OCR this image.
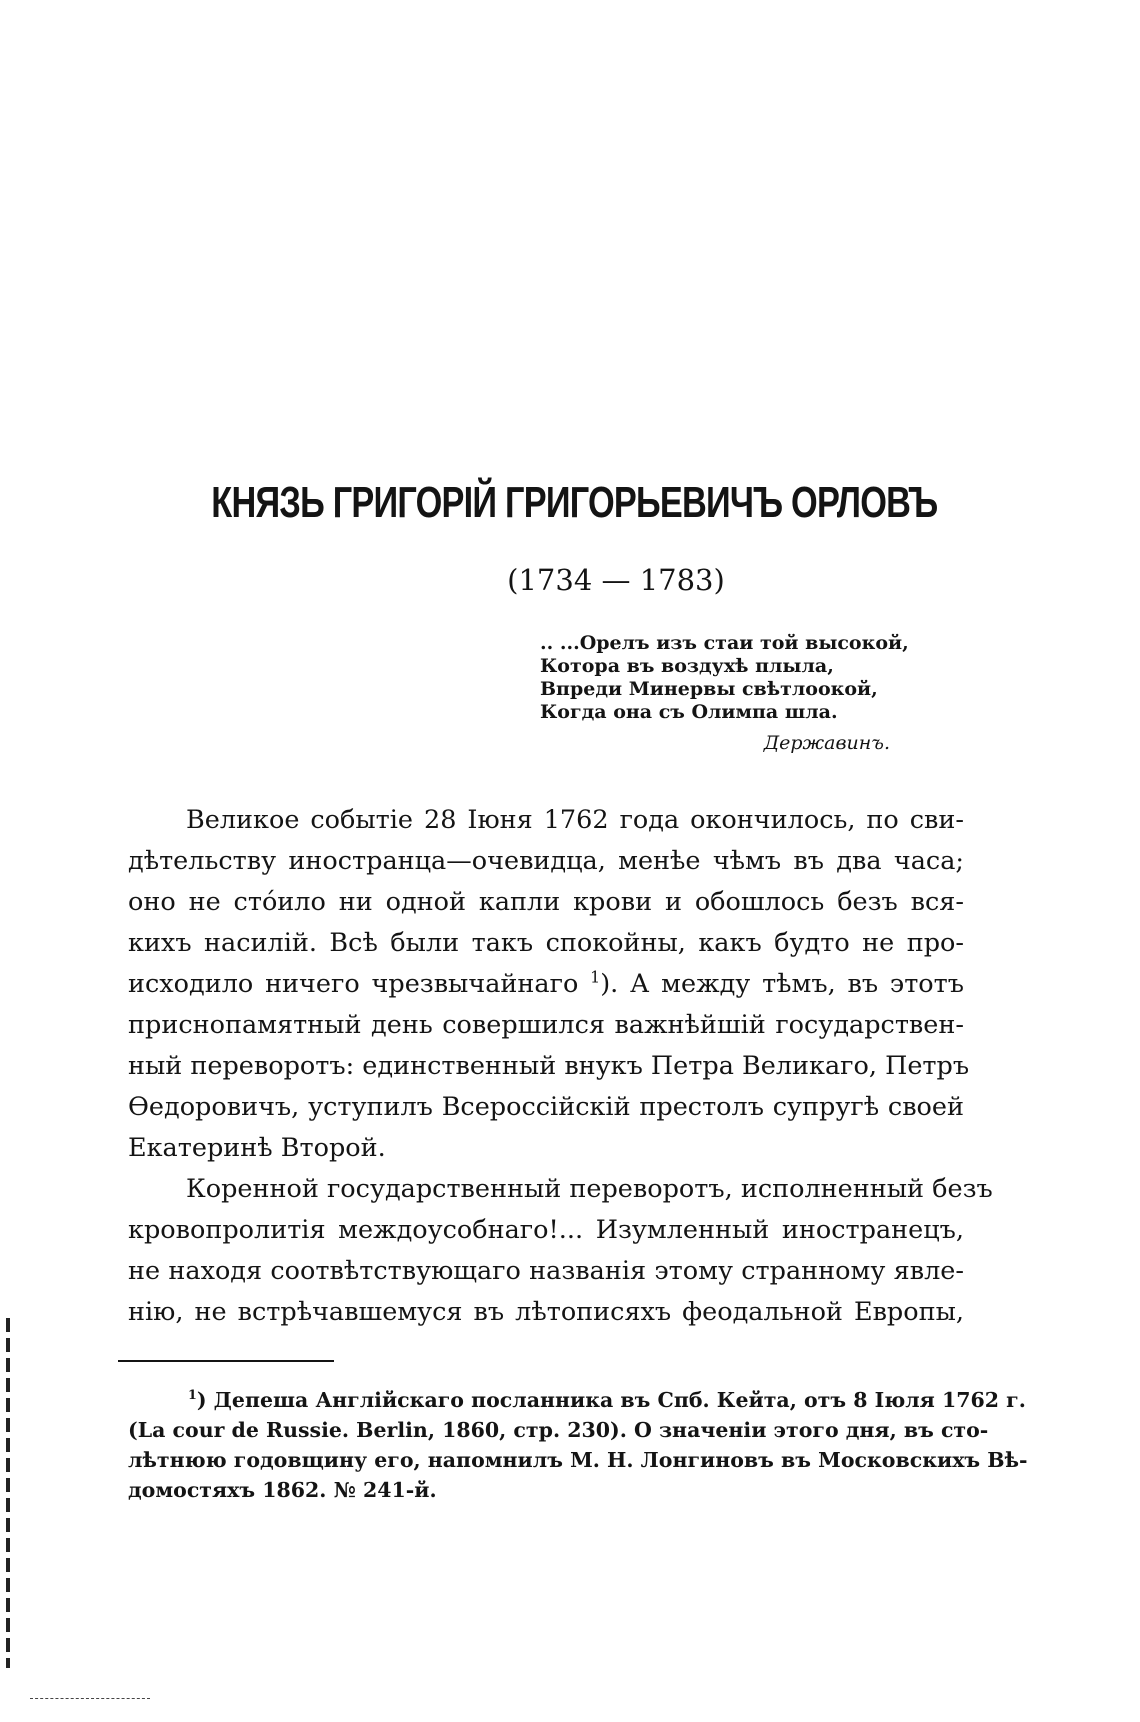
КНЯЗЬ ГРИГОРІЙ ГРИГОРЬЕВИЧЪ ОРЛОВЪ
(1734 — 1783)
.. ...Орелъ изъ стаи той высокой,
Котора въ воздухѣ плыла,
Впреди Минервы свѣтлоокой,
Когда она съ Олимпа шла.
Державинъ.
Великое событіе 28 Іюня 1762 года окончилось, по сви-
дѣтельству иностранца—очевидца, менѣе чѣмъ въ два часа;
оно не стóило ни одной капли крови и обошлось безъ вся-
кихъ насилій. Всѣ были такъ спокойны, какъ будто не про-
исходило ничего чрезвычайнаго $^1$). А между тѣмъ, въ этотъ
приснопамятный день совершился важнѣйшій государствен-
ный переворотъ: единственный внукъ Петра Великаго, Петръ
Ѳедоровичъ, уступилъ Всероссійскій престолъ супругѣ своей
Екатеринѣ Второй.
Коренной государственный переворотъ, исполненный безъ
кровопролитія междоусобнаго!... Изумленный иностранецъ,
не находя соотвѣтствующаго названія этому странному явле-
нію, не встрѣчавшемуся въ лѣтописяхъ феодальной Европы,
$^1$) Депеша Англійскаго посланника въ Спб. Кейта, отъ 8 Іюля 1762 г.
(La cour de Russie. Berlin, 1860, стр. 230). О значеніи этого дня, въ сто-
лѣтнюю годовщину его, напомнилъ М. Н. Лонгиновъ въ Московскихъ Вѣ-
домостяхъ 1862. № 241-й.
